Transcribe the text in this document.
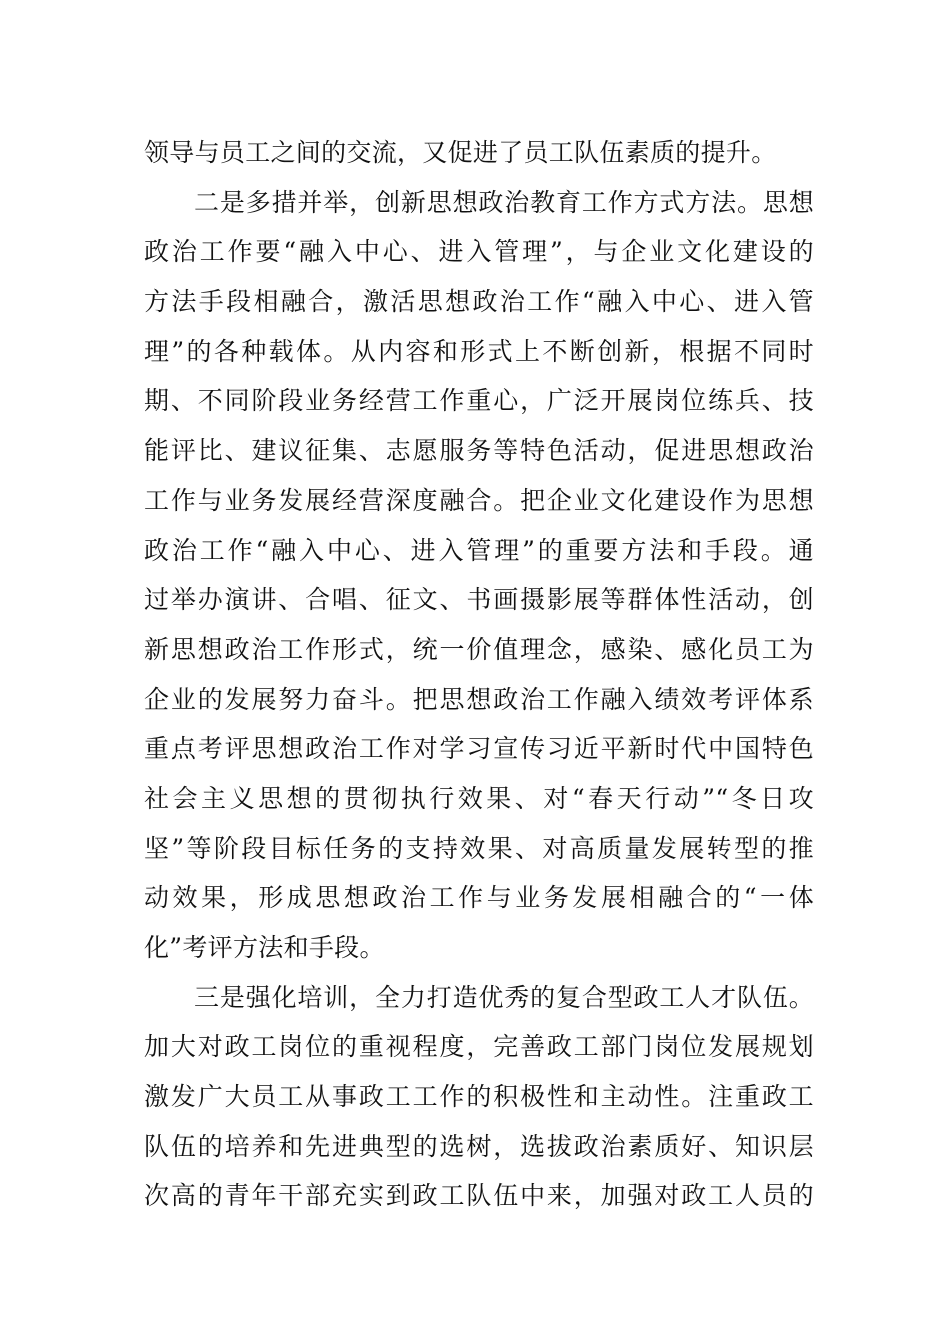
领导与员工之间的交流，又促进了员工队伍素质的提升。
二是多措并举，创新思想政治教育工作方式方法。思想
政治工作要“融入中心、进入管理”，与企业文化建设的
方法手段相融合，激活思想政治工作“融入中心、进入管
理”的各种载体。从内容和形式上不断创新，根据不同时
期、不同阶段业务经营工作重心，广泛开展岗位练兵、技
能评比、建议征集、志愿服务等特色活动，促进思想政治
工作与业务发展经营深度融合。把企业文化建设作为思想
政治工作“融入中心、进入管理”的重要方法和手段。通
过举办演讲、合唱、征文、书画摄影展等群体性活动，创
新思想政治工作形式，统一价值理念，感染、感化员工为
企业的发展努力奋斗。把思想政治工作融入绩效考评体系
重点考评思想政治工作对学习宣传习近平新时代中国特色
社会主义思想的贯彻执行效果、对“春天行动”“冬日攻
坚”等阶段目标任务的支持效果、对高质量发展转型的推
动效果，形成思想政治工作与业务发展相融合的“一体
化”考评方法和手段。
三是强化培训，全力打造优秀的复合型政工人才队伍。
加大对政工岗位的重视程度，完善政工部门岗位发展规划
激发广大员工从事政工工作的积极性和主动性。注重政工
队伍的培养和先进典型的选树，选拔政治素质好、知识层
次高的青年干部充实到政工队伍中来，加强对政工人员的
